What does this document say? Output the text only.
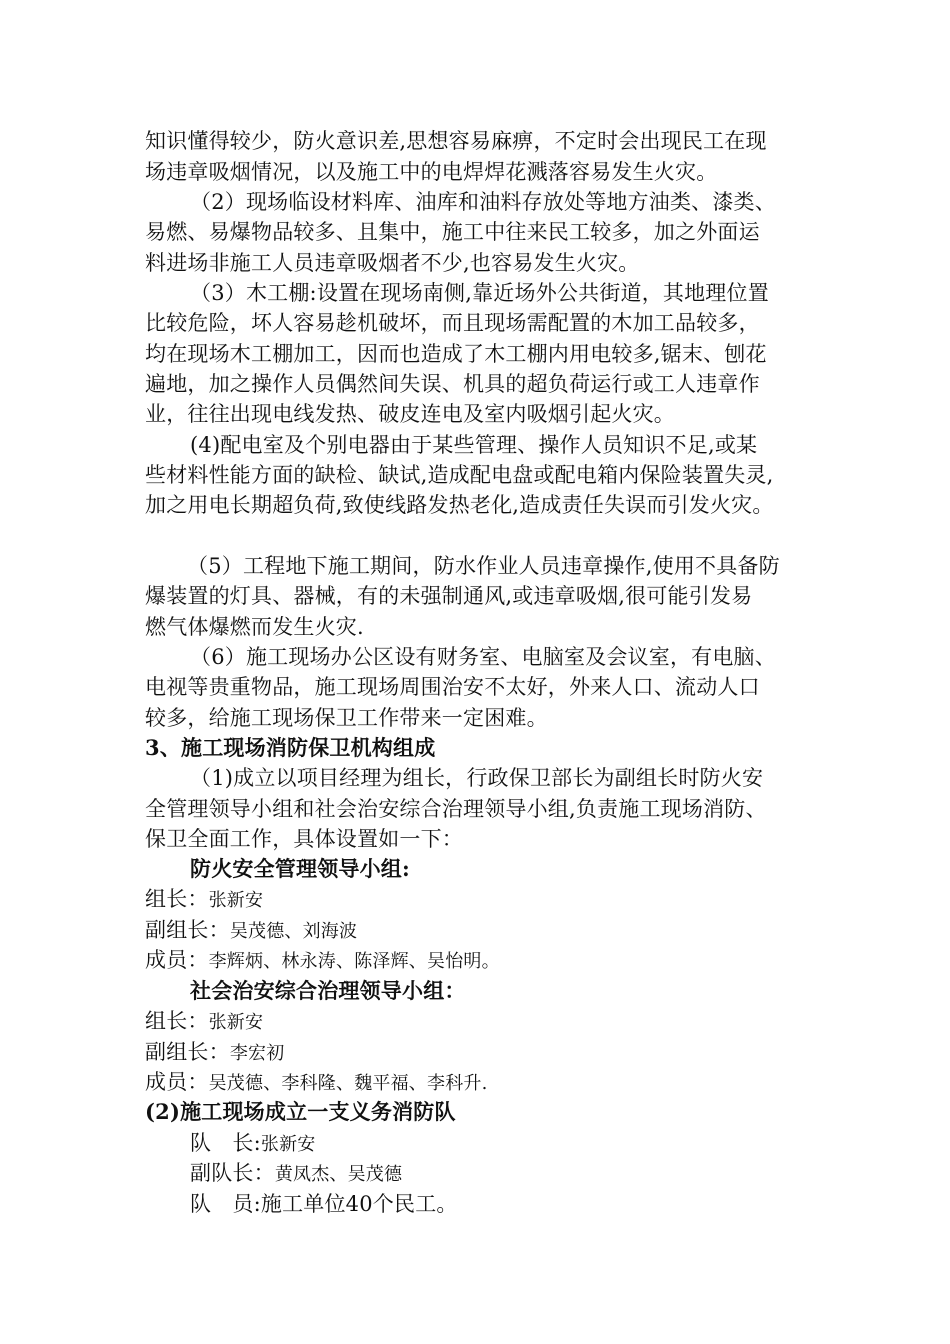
知识懂得较少，防火意识差,思想容易麻痹，不定时会出现民工在现
场违章吸烟情况，以及施工中的电焊焊花溅落容易发生火灾。
（2）现场临设材料库、油库和油料存放处等地方油类、漆类、
易燃、易爆物品较多、且集中，施工中往来民工较多，加之外面运
料进场非施工人员违章吸烟者不少,也容易发生火灾。
（3）木工棚:设置在现场南侧,靠近场外公共街道，其地理位置
比较危险，坏人容易趁机破坏，而且现场需配置的木加工品较多，
均在现场木工棚加工，因而也造成了木工棚内用电较多,锯末、刨花
遍地，加之操作人员偶然间失误、机具的超负荷运行或工人违章作
业，往往出现电线发热、破皮连电及室内吸烟引起火灾。
(4)配电室及个别电器由于某些管理、操作人员知识不足,或某
些材料性能方面的缺检、缺试,造成配电盘或配电箱内保险装置失灵,
加之用电长期超负荷,致使线路发热老化,造成责任失误而引发火灾。
（5）工程地下施工期间，防水作业人员违章操作,使用不具备防
爆装置的灯具、器械，有的未强制通风,或违章吸烟,很可能引发易
燃气体爆燃而发生火灾.
（6）施工现场办公区设有财务室、电脑室及会议室，有电脑、
电视等贵重物品，施工现场周围治安不太好，外来人口、流动人口
较多，给施工现场保卫工作带来一定困难。
3、施工现场消防保卫机构组成
（1)成立以项目经理为组长，行政保卫部长为副组长时防火安
全管理领导小组和社会治安综合治理领导小组,负责施工现场消防、
保卫全面工作，具体设置如一下：
防火安全管理领导小组:
组长：张新安
副组长：吴茂德、刘海波
成员：李辉炳、林永涛、陈泽辉、吴怡明。
社会治安综合治理领导小组：
组长：张新安
副组长：李宏初
成员：吴茂德、李科隆、魏平福、李科升.
(2)施工现场成立一支义务消防队
队　长:张新安
副队长：黄凤杰、吴茂德
队　员:施工单位40个民工。
